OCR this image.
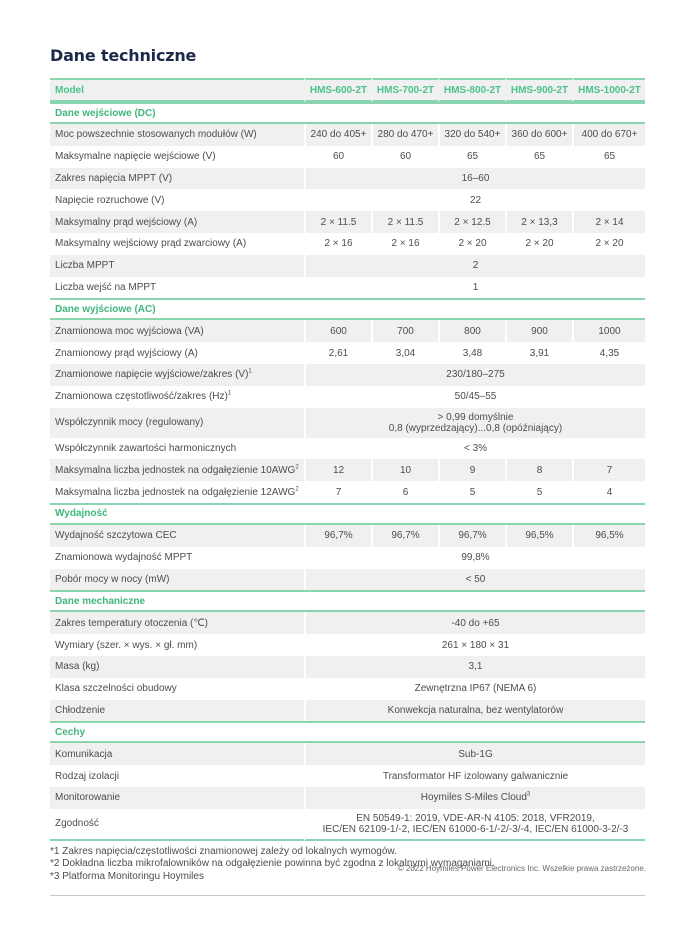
Dane techniczne
Model	HMS-600-2T	HMS-700-2T	HMS-800-2T	HMS-900-2T	HMS-1000-2T
Dane wejściowe (DC)					
Moc powszechnie stosowanych modułów (W)	240 do 405+	280 do 470+	320 do 540+	360 do 600+	400 do 670+
Maksymalne napięcie wejściowe (V)	60	60	65	65	65
Zakres napięcia MPPT (V)	16–60				
Napięcie rozruchowe (V)	22				
Maksymalny prąd wejściowy (A)	2 × 11.5	2 × 11.5	2 × 12.5	2 × 13,3	2 × 14
Maksymalny wejściowy prąd zwarciowy (A)	2 × 16	2 × 16	2 × 20	2 × 20	2 × 20
Liczba MPPT	2				
Liczba wejść na MPPT	1				
Dane wyjściowe (AC)					
Znamionowa moc wyjściowa (VA)	600	700	800	900	1000
Znamionowy prąd wyjściowy (A)	2,61	3,04	3,48	3,91	4,35
Znamionowe napięcie wyjściowe/zakres $(V)^1$	230/180–275				
Znamionowa częstotliwość/zakres $(Hz)^1$	50/45–55				
Współczynnik mocy (regulowany)	> 0,99 domyślnie
0,8 (wyprzedzający)...0,8 (opóźniający)				

Współczynnik zawartości harmonicznych	< 3%				
Maksymalna liczba jednostek na odgałęzienie 10AWG$^2$	12	10	9	8	7
Maksymalna liczba jednostek na odgałęzienie 12AWG$^2$	7	6	5	5	4
Wydajność					
Wydajność szczytowa CEC	96,7%	96,7%	96,7%	96,5%	96,5%
Znamionowa wydajność MPPT	99,8%				
Pobór mocy w nocy (mW)	< 50				
Dane mechaniczne					
Zakres temperatury otoczenia (℃)	-40 do +65				
Wymiary (szer. × wys. × gł. mm)	261 × 180 × 31				
Masa (kg)	3,1				
Klasa szczelności obudowy	Zewnętrzna IP67 (NEMA 6)				
Chłodzenie	Konwekcja naturalna, bez wentylatorów				
Cechy					
Komunikacja	Sub-1G				
Rodzaj izolacji	Transformator HF izolowany galwanicznie				
Monitorowanie	Hoymiles S-Miles Cloud$^3$
Zgodność	EN 50549-1: 2019, VDE-AR-N 4105: 2018, VFR2019,
IEC/EN 62109-1/-2, IEC/EN 61000-6-1/-2/-3/-4, IEC/EN 61000-3-2/-3				
*1 Zakres napięcia/częstotliwości znamionowej zależy od lokalnych wymogów.
*2 Dokładna liczba mikrofalowników na odgałęzienie powinna być zgodna z lokalnymi wymaganiami.
*3 Platforma Monitoringu Hoymiles
© 2022 Hoymiles Power Electronics Inc. Wszelkie prawa zastrzeżone.
